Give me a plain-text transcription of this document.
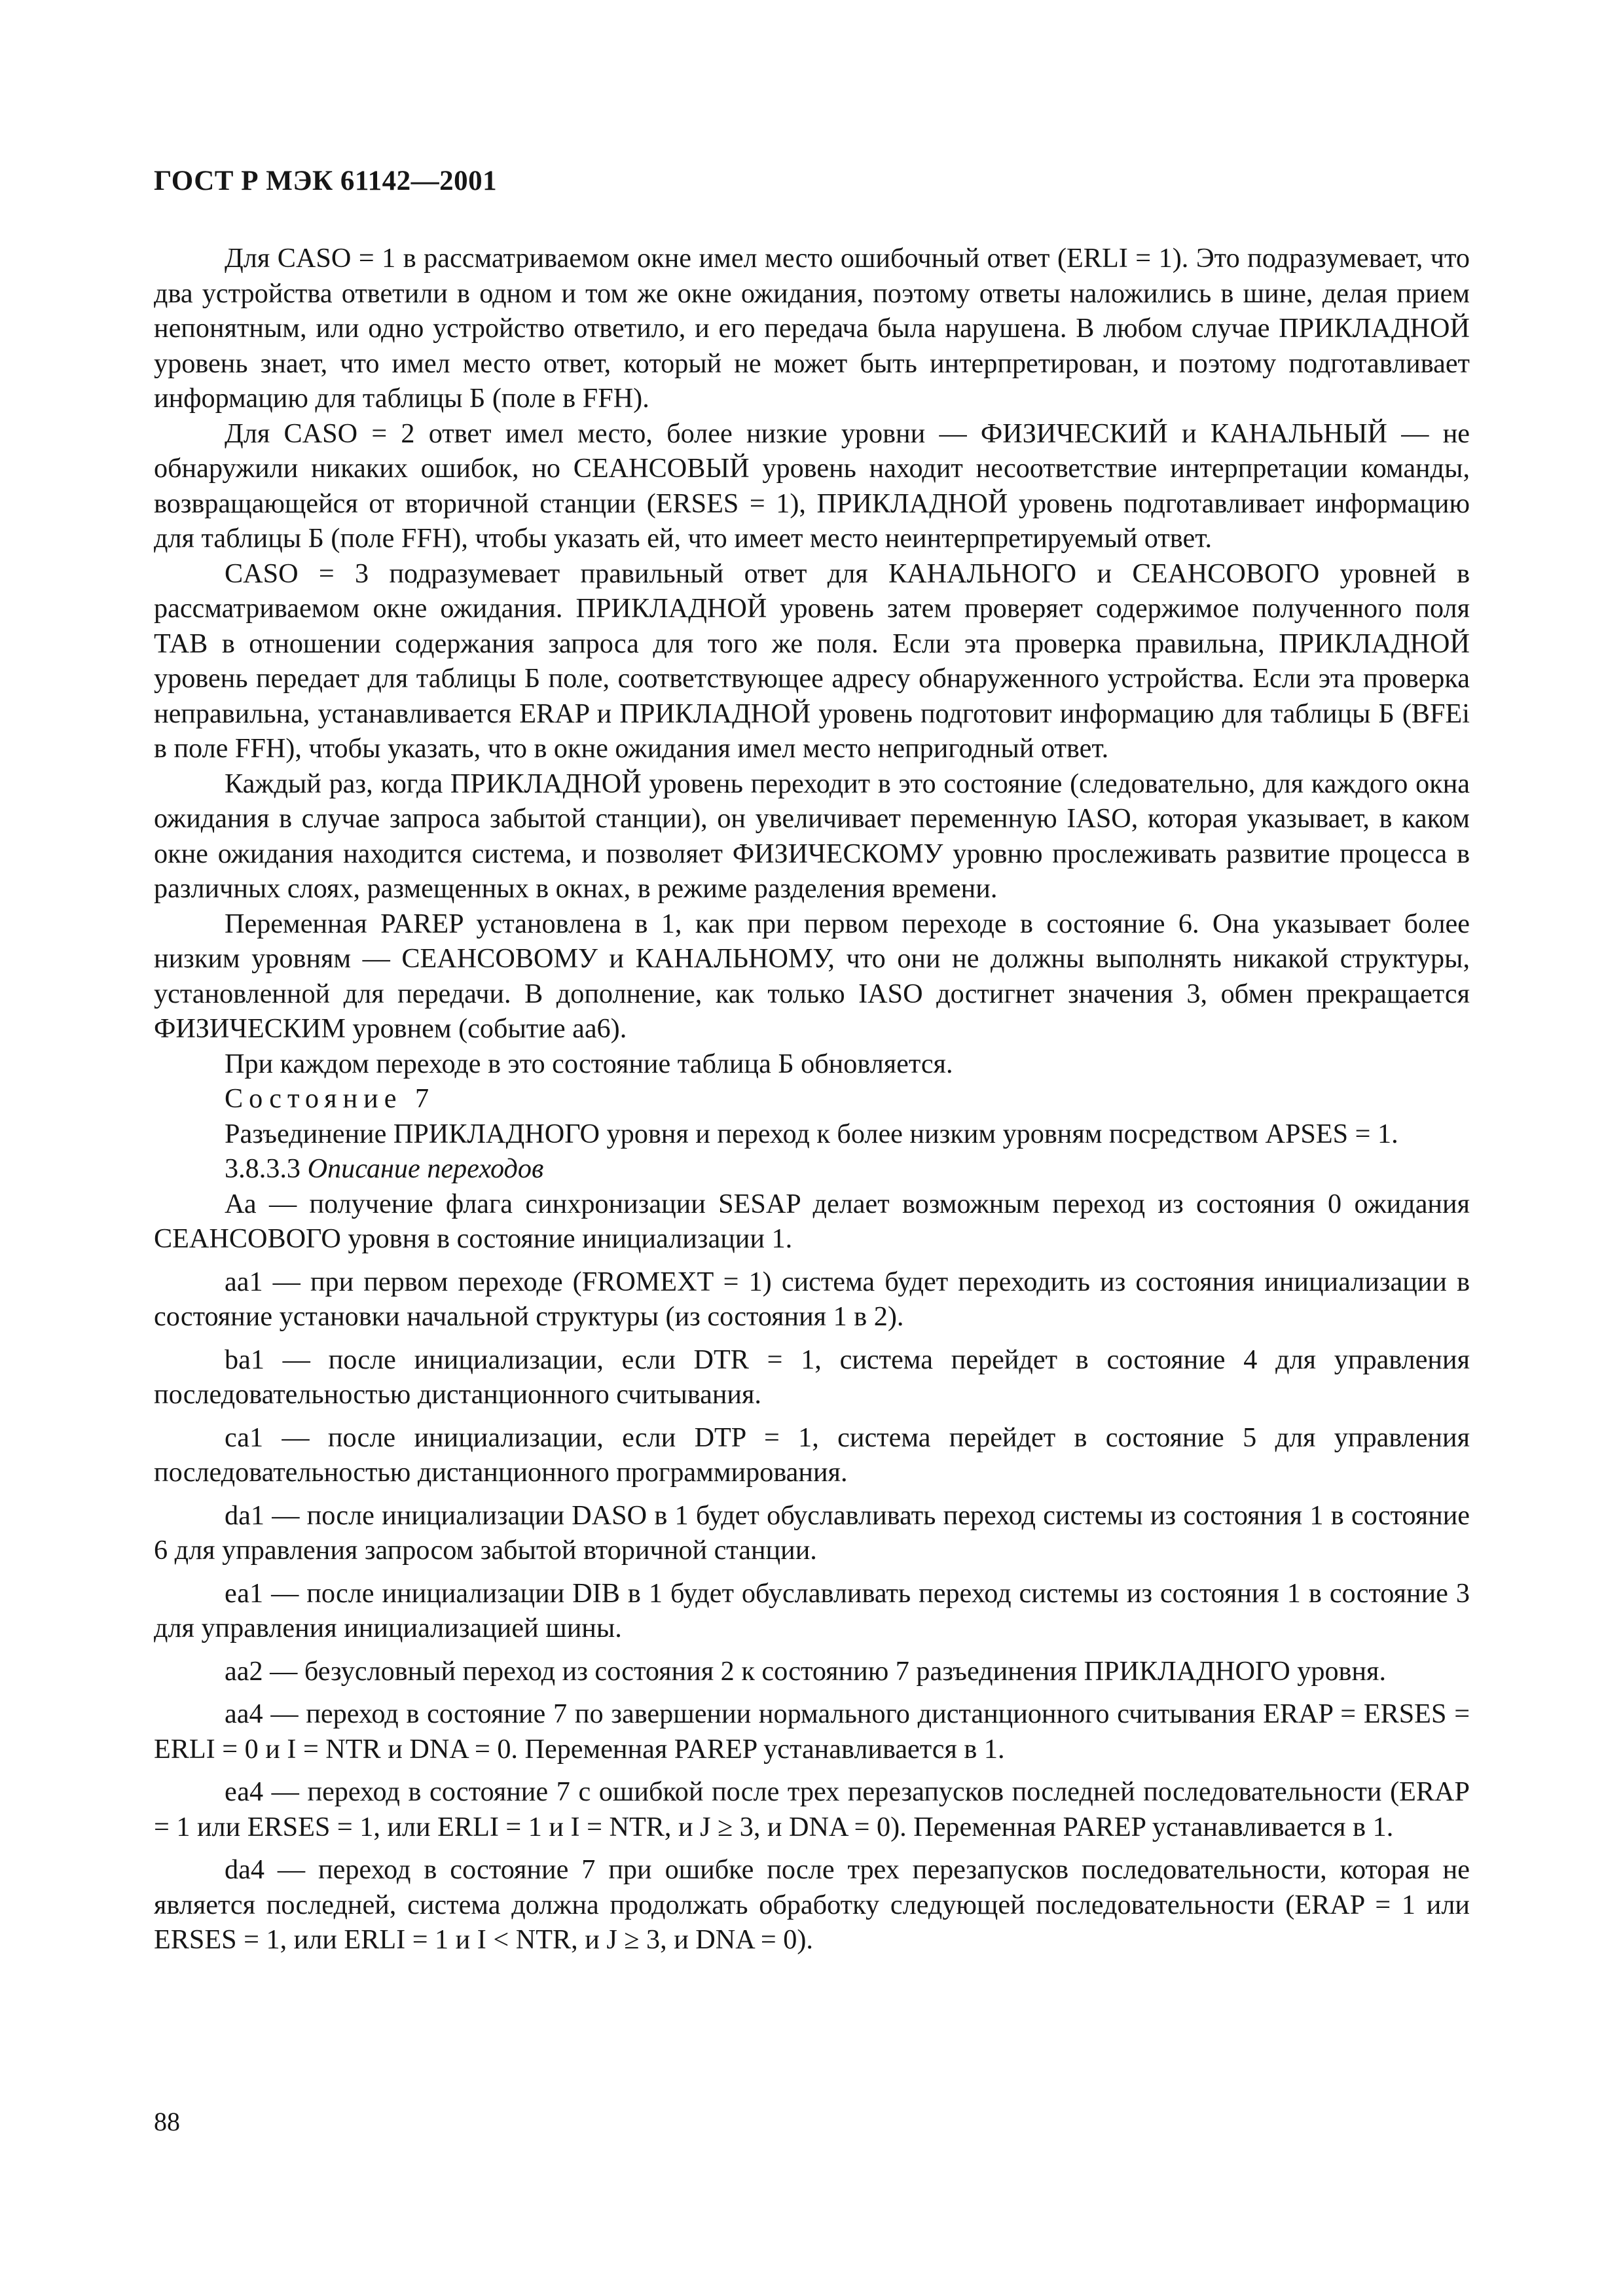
ГОСТ Р МЭК 61142—2001

Для CASO = 1 в рассматриваемом окне имел место ошибочный ответ (ERLI = 1). Это подразумевает, что два устройства ответили в одном и том же окне ожидания, поэтому ответы наложились в шине, делая прием непонятным, или одно устройство ответило, и его передача была нарушена. В любом случае ПРИКЛАДНОЙ уровень знает, что имел место ответ, который не может быть интерпретирован, и поэтому подготавливает информацию для таблицы Б (поле в FFH).

Для CASO = 2 ответ имел место, более низкие уровни — ФИЗИЧЕСКИЙ и КАНАЛЬНЫЙ — не обнаружили никаких ошибок, но СЕАНСОВЫЙ уровень находит несоответствие интерпретации команды, возвращающейся от вторичной станции (ERSES = 1), ПРИКЛАДНОЙ уровень подготавливает информацию для таблицы Б (поле FFH), чтобы указать ей, что имеет место неинтерпретируемый ответ.

CASO = 3 подразумевает правильный ответ для КАНАЛЬНОГО и СЕАНСОВОГО уровней в рассматриваемом окне ожидания. ПРИКЛАДНОЙ уровень затем проверяет содержимое полученного поля ТАВ в отношении содержания запроса для того же поля. Если эта проверка правильна, ПРИКЛАДНОЙ уровень передает для таблицы Б поле, соответствующее адресу обнаруженного устройства. Если эта проверка неправильна, устанавливается ERAP и ПРИКЛАДНОЙ уровень подготовит информацию для таблицы Б (BFEi в поле FFH), чтобы указать, что в окне ожидания имел место непригодный ответ.

Каждый раз, когда ПРИКЛАДНОЙ уровень переходит в это состояние (следовательно, для каждого окна ожидания в случае запроса забытой станции), он увеличивает переменную IASO, которая указывает, в каком окне ожидания находится система, и позволяет ФИЗИЧЕСКОМУ уровню прослеживать развитие процесса в различных слоях, размещенных в окнах, в режиме разделения времени.

Переменная PAREP установлена в 1, как при первом переходе в состояние 6. Она указывает более низким уровням — СЕАНСОВОМУ и КАНАЛЬНОМУ, что они не должны выполнять никакой структуры, установленной для передачи. В дополнение, как только IASO достигнет значения 3, обмен прекращается ФИЗИЧЕСКИМ уровнем (событие аа6).

При каждом переходе в это состояние таблица Б обновляется.

Состояние 7

Разъединение ПРИКЛАДНОГО уровня и переход к более низким уровням посредством APSES = 1.

3.8.3.3 Описание переходов

Аа — получение флага синхронизации SESAP делает возможным переход из состояния 0 ожидания СЕАНСОВОГО уровня в состояние инициализации 1.

аа1 — при первом переходе (FROMEXT = 1) система будет переходить из состояния инициализации в состояние установки начальной структуры (из состояния 1 в 2).

bа1 — после инициализации, если DTR = 1, система перейдет в состояние 4 для управления последовательностью дистанционного считывания.

са1 — после инициализации, если DTP = 1, система перейдет в состояние 5 для управления последовательностью дистанционного программирования.

dа1 — после инициализации DASO в 1 будет обуславливать переход системы из состояния 1 в состояние 6 для управления запросом забытой вторичной станции.

еа1 — после инициализации DIB в 1 будет обуславливать переход системы из состояния 1 в состояние 3 для управления инициализацией шины.

аа2 — безусловный переход из состояния 2 к состоянию 7 разъединения ПРИКЛАДНОГО уровня.

аа4 — переход в состояние 7 по завершении нормального дистанционного считывания ERAP = ERSES = ERLI = 0 и I = NTR и DNA = 0. Переменная PAREP устанавливается в 1.

еа4 — переход в состояние 7 с ошибкой после трех перезапусков последней последовательности (ERAP = 1 или ERSES = 1, или ERLI = 1 и I = NTR, и J ≥ 3, и DNA = 0). Переменная PAREP устанавливается в 1.

dа4 — переход в состояние 7 при ошибке после трех перезапусков последовательности, которая не является последней, система должна продолжать обработку следующей последовательности (ERAP = 1 или ERSES = 1, или ERLI = 1 и I < NTR, и J ≥ 3, и DNA = 0).

88
